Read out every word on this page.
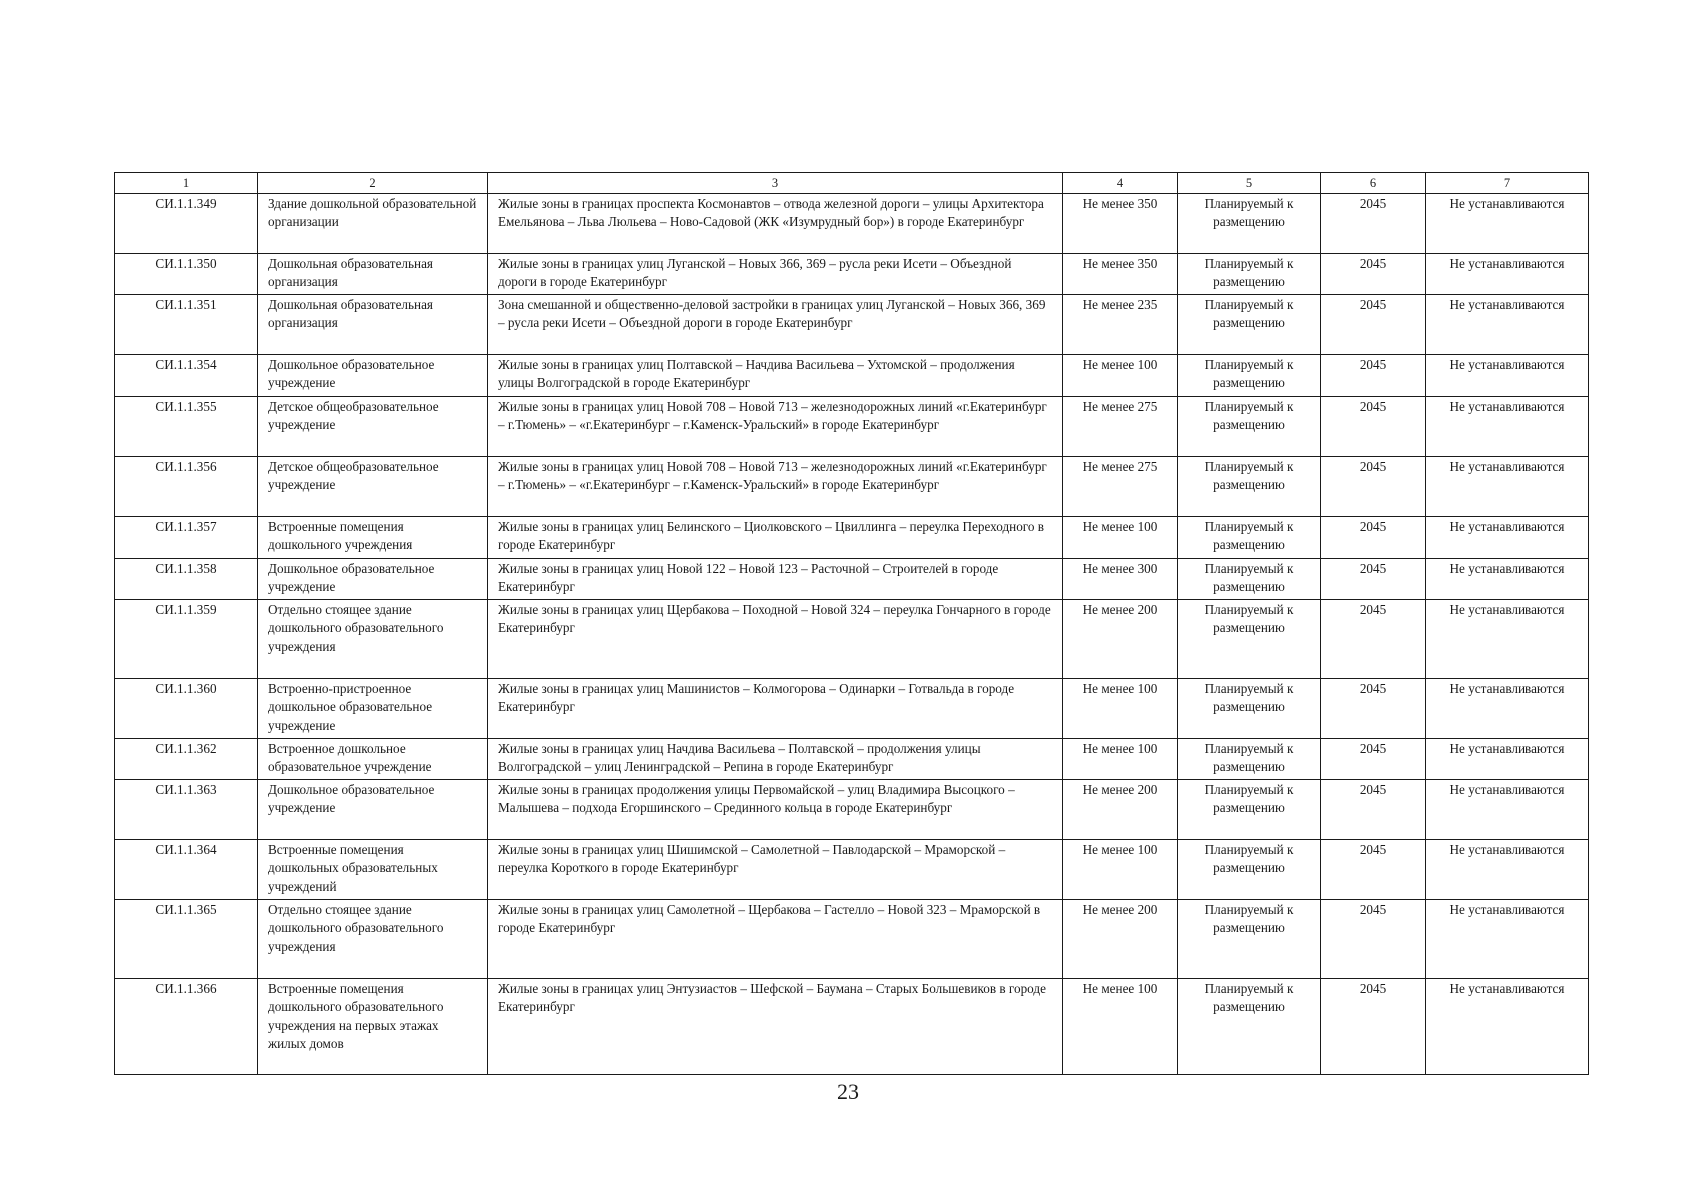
1	2	3	4	5	6	7
СИ.1.1.349	Здание дошкольной образовательной организации	Жилые зоны в границах проспекта Космонавтов – отвода железной дороги – улицы Архитектора Емельянова – Льва Люльева – Ново-Садовой (ЖК «Изумрудный бор») в городе Екатеринбург	Не менее 350	Планируемый к размещению	2045	Не устанавливаются
СИ.1.1.350	Дошкольная образовательная организация	Жилые зоны в границах улиц Луганской – Новых 366, 369 – русла реки Исети – Объездной дороги в городе Екатеринбург	Не менее 350	Планируемый к размещению	2045	Не устанавливаются
СИ.1.1.351	Дошкольная образовательная организация	Зона смешанной и общественно-деловой застройки в границах улиц Луганской – Новых 366, 369 – русла реки Исети – Объездной дороги в городе Екатеринбург	Не менее 235	Планируемый к размещению	2045	Не устанавливаются
СИ.1.1.354	Дошкольное образовательное учреждение	Жилые зоны в границах улиц Полтавской – Начдива Васильева – Ухтомской – продолжения улицы Волгоградской в городе Екатеринбург	Не менее 100	Планируемый к размещению	2045	Не устанавливаются
СИ.1.1.355	Детское общеобразовательное учреждение	Жилые зоны в границах улиц Новой 708 – Новой 713 – железнодорожных линий «г.Екатеринбург – г.Тюмень» – «г.Екатеринбург – г.Каменск-Уральский» в городе Екатеринбург	Не менее 275	Планируемый к размещению	2045	Не устанавливаются
СИ.1.1.356	Детское общеобразовательное учреждение	Жилые зоны в границах улиц Новой 708 – Новой 713 – железнодорожных линий «г.Екатеринбург – г.Тюмень» – «г.Екатеринбург – г.Каменск-Уральский» в городе Екатеринбург	Не менее 275	Планируемый к размещению	2045	Не устанавливаются
СИ.1.1.357	Встроенные помещения дошкольного учреждения	Жилые зоны в границах улиц Белинского – Циолковского – Цвиллинга – переулка Переходного в городе Екатеринбург	Не менее 100	Планируемый к размещению	2045	Не устанавливаются
СИ.1.1.358	Дошкольное образовательное учреждение	Жилые зоны в границах улиц Новой 122 – Новой 123 – Расточной – Строителей в городе Екатеринбург	Не менее 300	Планируемый к размещению	2045	Не устанавливаются
СИ.1.1.359	Отдельно стоящее здание дошкольного образовательного учреждения	Жилые зоны в границах улиц Щербакова – Походной – Новой 324 – переулка Гончарного в городе Екатеринбург	Не менее 200	Планируемый к размещению	2045	Не устанавливаются
СИ.1.1.360	Встроенно-пристроенное дошкольное образовательное учреждение	Жилые зоны в границах улиц Машинистов – Колмогорова – Одинарки – Готвальда в городе Екатеринбург	Не менее 100	Планируемый к размещению	2045	Не устанавливаются
СИ.1.1.362	Встроенное дошкольное образовательное учреждение	Жилые зоны в границах улиц Начдива Васильева – Полтавской – продолжения улицы Волгоградской – улиц Ленинградской – Репина в городе Екатеринбург	Не менее 100	Планируемый к размещению	2045	Не устанавливаются
СИ.1.1.363	Дошкольное образовательное учреждение	Жилые зоны в границах продолжения улицы Первомайской – улиц Владимира Высоцкого – Малышева – подхода Егоршинского – Срединного кольца в городе Екатеринбург	Не менее 200	Планируемый к размещению	2045	Не устанавливаются
СИ.1.1.364	Встроенные помещения дошкольных образовательных учреждений	Жилые зоны в границах улиц Шишимской – Самолетной – Павлодарской – Мраморской – переулка Короткого в городе Екатеринбург	Не менее 100	Планируемый к размещению	2045	Не устанавливаются
СИ.1.1.365	Отдельно стоящее здание дошкольного образовательного учреждения	Жилые зоны в границах улиц Самолетной – Щербакова – Гастелло – Новой 323 – Мраморской в городе Екатеринбург	Не менее 200	Планируемый к размещению	2045	Не устанавливаются
СИ.1.1.366	Встроенные помещения дошкольного образовательного учреждения на первых этажах жилых домов	Жилые зоны в границах улиц Энтузиастов – Шефской – Баумана – Старых Большевиков в городе Екатеринбург	Не менее 100	Планируемый к размещению	2045	Не устанавливаются
23
